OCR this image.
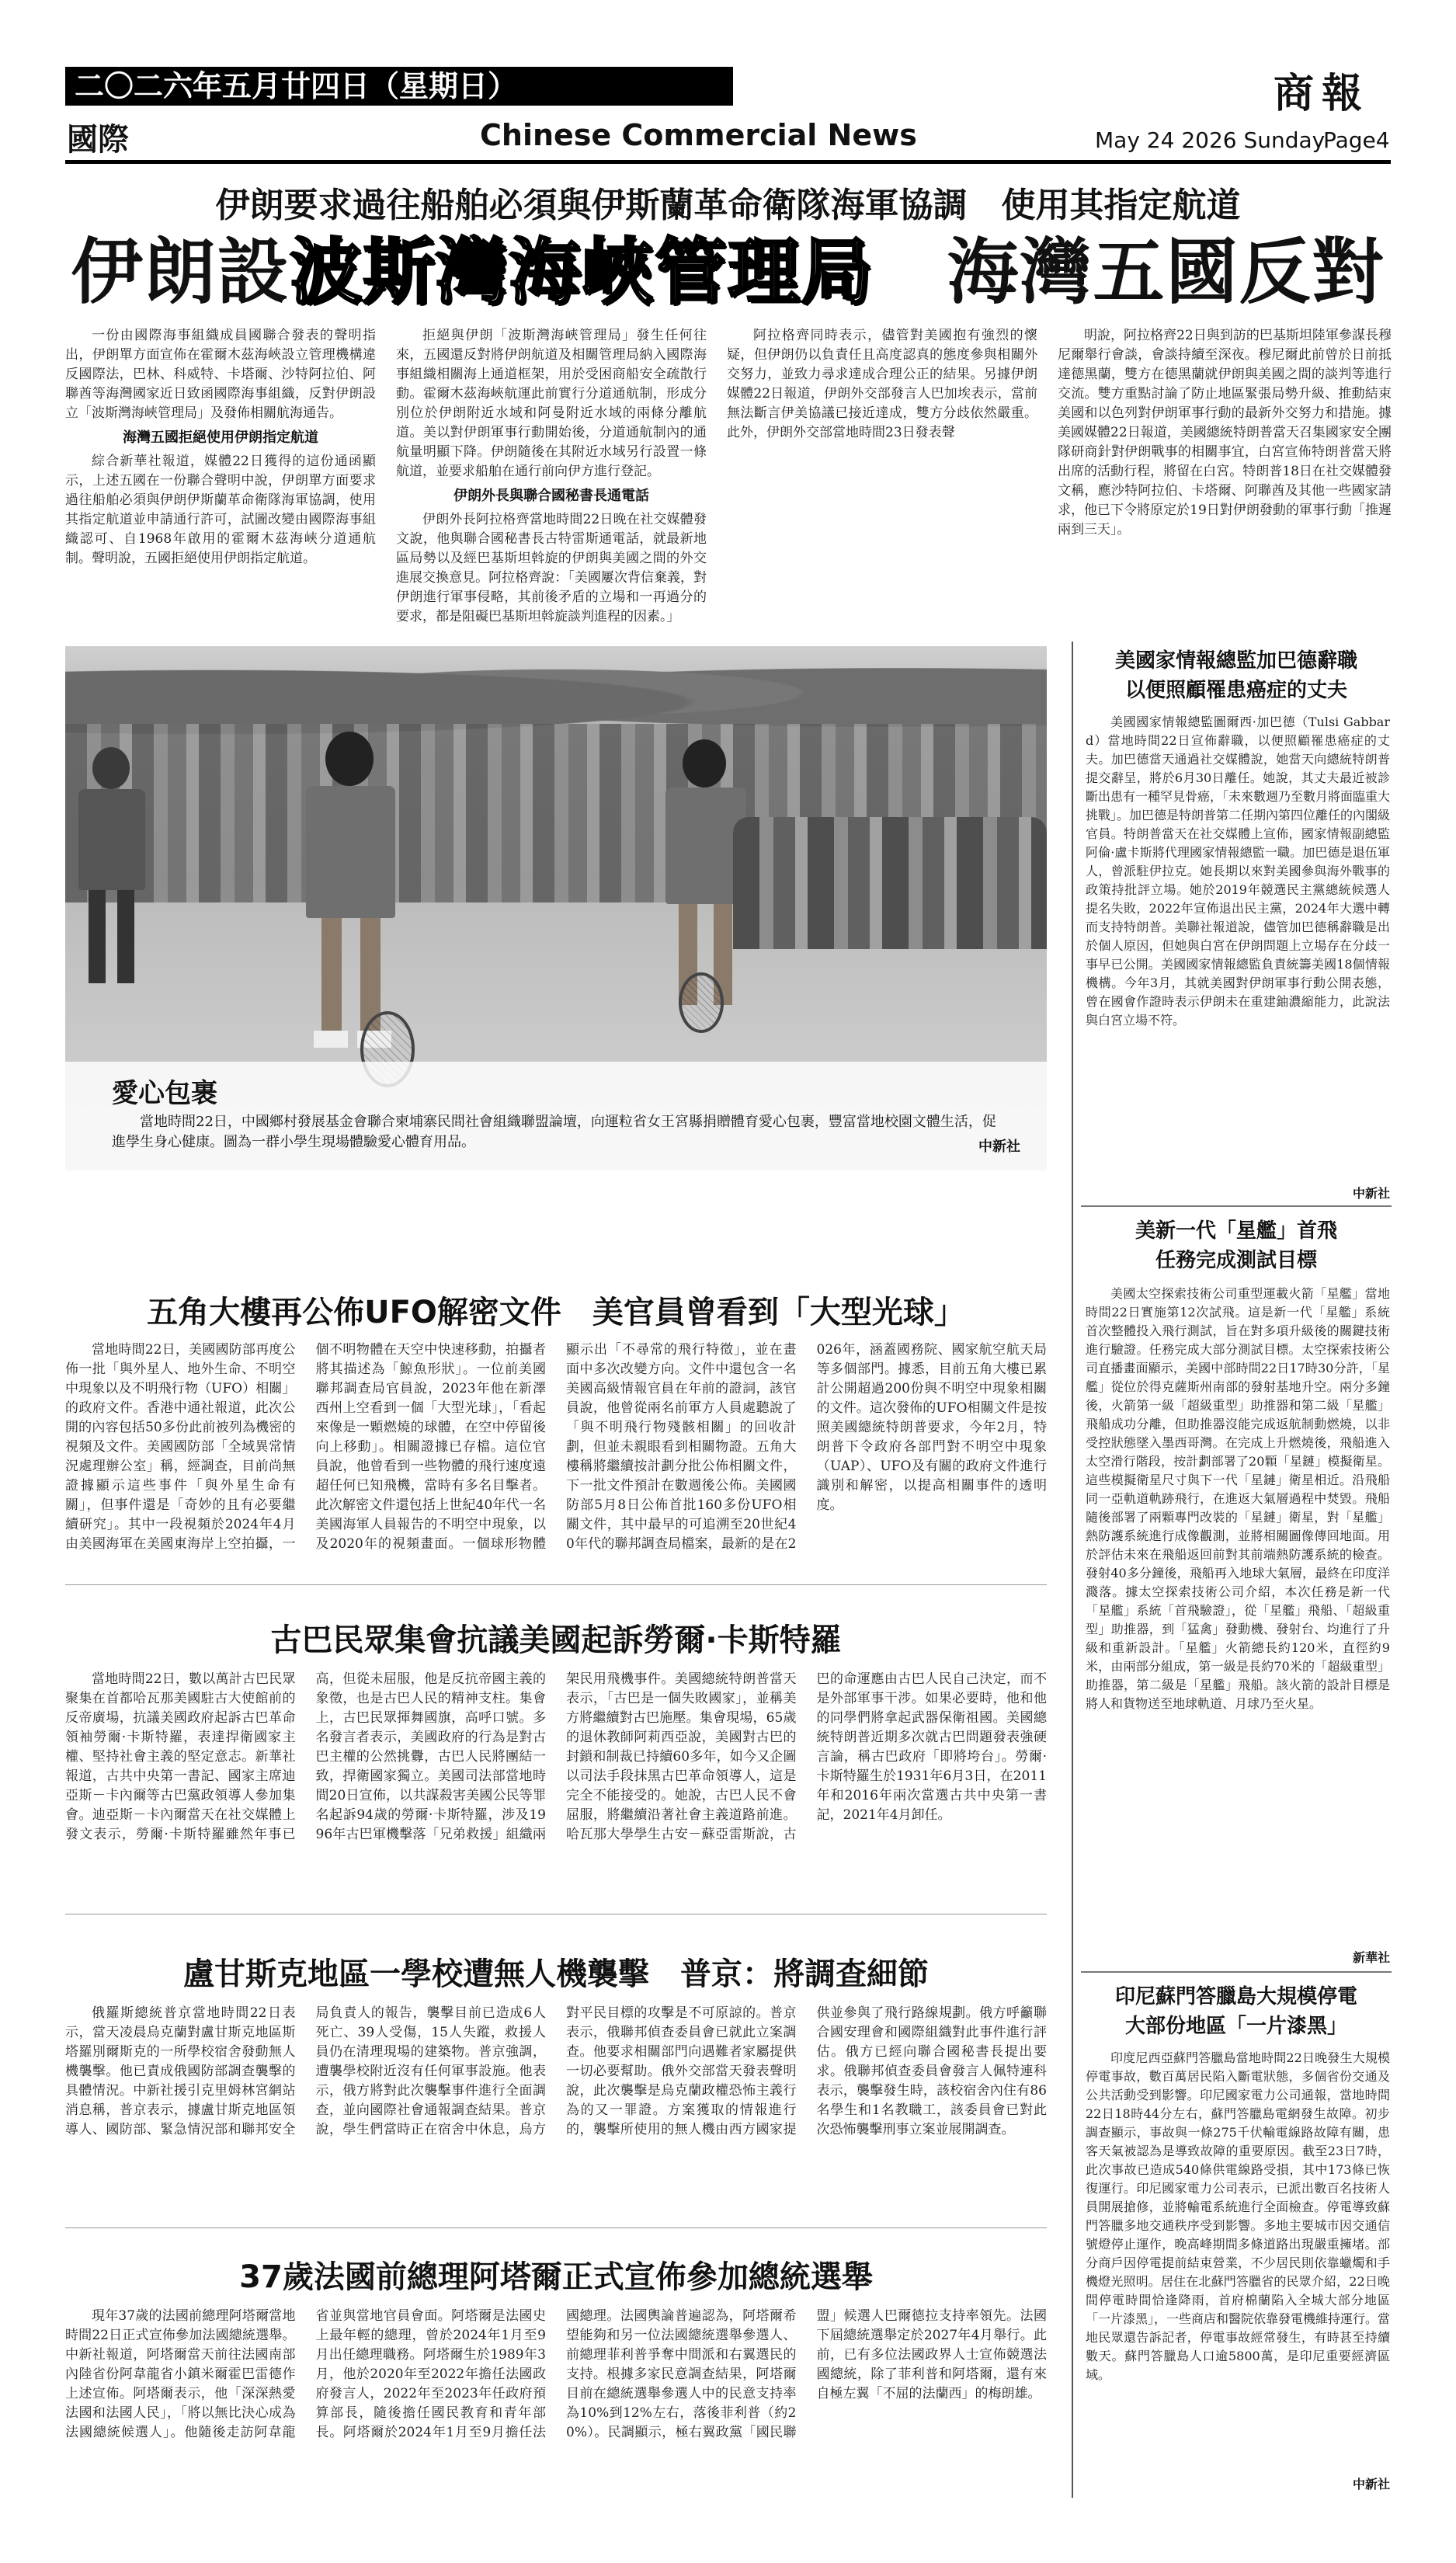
二〇二六年五月廿四日（星期日）	商報
國際	Chinese Commercial News	May 24 2026 Sunday
Page4
伊朗要求過往船舶必須與伊斯蘭革命衛隊海軍協調　使用其指定航道
伊朗設波斯灣海峽管理局　 海灣五國反對

一份由國際海事組織成員國聯合發表的聲明指出，伊朗單方面宣佈在霍爾木茲海峽設立管理機構違反國際法，巴林、科威特、卡塔爾、沙特阿拉伯、阿聯酋等海灣國家近日致函國際海事組織，反對伊朗設立「波斯灣海峽管理局」及發佈相關航海通告。

海灣五國拒絕使用伊朗指定航道

綜合新華社報道，媒體22日獲得的這份通函顯示，上述五國在一份聯合聲明中說，伊朗單方面要求過往船舶必須與伊朗伊斯蘭革命衛隊海軍協調，使用其指定航道並申請通行許可，試圖改變由國際海事組織認可、自1968年啟用的霍爾木茲海峽分道通航制。聲明說，五國拒絕使用伊朗指定航道。

拒絕與伊朗「波斯灣海峽管理局」發生任何往來，五國還反對將伊朗航道及相關管理局納入國際海事組織相關海上通道框架，用於受困商船安全疏散行動。霍爾木茲海峽航運此前實行分道通航制，形成分別位於伊朗附近水域和阿曼附近水域的兩條分離航道。美以對伊朗軍事行動開始後，分道通航制內的通航量明顯下降。伊朗隨後在其附近水域另行設置一條航道，並要求船舶在通行前向伊方進行登記。

伊朗外長與聯合國秘書長通電話

伊朗外長阿拉格齊當地時間22日晚在社交媒體發文說，他與聯合國秘書長古特雷斯通電話，就最新地區局勢以及經巴基斯坦斡旋的伊朗與美國之間的外交進展交換意見。阿拉格齊說：「美國屢次背信棄義，對伊朗進行軍事侵略，其前後矛盾的立場和一再過分的要求，都是阻礙巴基斯坦斡旋談判進程的因素。」

阿拉格齊同時表示，儘管對美國抱有強烈的懷疑，但伊朗仍以負責任且高度認真的態度參與相關外交努力，並致力尋求達成合理公正的結果。另據伊朗媒體22日報道，伊朗外交部發言人巴加埃表示，當前無法斷言伊美協議已接近達成，雙方分歧依然嚴重。此外，伊朗外交部當地時間23日發表聲

明說，阿拉格齊22日與到訪的巴基斯坦陸軍參謀長穆尼爾舉行會談，會談持續至深夜。穆尼爾此前曾於日前抵達德黑蘭，雙方在德黑蘭就伊朗與美國之間的談判等進行交流。雙方重點討論了防止地區緊張局勢升級、推動結束美國和以色列對伊朗軍事行動的最新外交努力和措施。據美國媒體22日報道，美國總統特朗普當天召集國家安全團隊研商針對伊朗戰事的相關事宜，白宮宣佈特朗普當天將出席的活動行程，將留在白宮。特朗普18日在社交媒體發文稱，應沙特阿拉伯、卡塔爾、阿聯酋及其他一些國家請求，他已下令將原定於19日對伊朗發動的軍事行動「推遲兩到三天」。

愛心包裹
當地時間22日，中國鄉村發展基金會聯合柬埔寨民間社會組織聯盟論壇，向運粒省女王宮縣捐贈體育愛心包裹，豐富當地校園文體生活，促進學生身心健康。圖為一群小學生現場體驗愛心體育用品。	中新社
美國家情報總監加巴德辭職
以便照顧罹患癌症的丈夫

美國國家情報總監圖爾西·加巴德（Tulsi Gabbard）當地時間22日宣佈辭職，以便照顧罹患癌症的丈夫。加巴德當天通過社交媒體說，她當天向總統特朗普提交辭呈，將於6月30日離任。她說，其丈夫最近被診斷出患有一種罕見骨癌，「未來數週乃至數月將面臨重大挑戰」。加巴德是特朗普第二任期內第四位離任的內閣級官員。特朗普當天在社交媒體上宣佈，國家情報副總監阿倫·盧卡斯將代理國家情報總監一職。加巴德是退伍軍人，曾派駐伊拉克。她長期以來對美國參與海外戰事的政策持批評立場。她於2019年競選民主黨總統候選人提名失敗，2022年宣佈退出民主黨，2024年大選中轉而支持特朗普。美聯社報道說，儘管加巴德稱辭職是出於個人原因，但她與白宮在伊朗問題上立場存在分歧一事早已公開。美國國家情報總監負責統籌美國18個情報機構。今年3月，其就美國對伊朗軍事行動公開表態，曾在國會作證時表示伊朗未在重建鈾濃縮能力，此說法與白宮立場不符。

中新社
美新一代「星艦」首飛
任務完成測試目標

美國太空探索技術公司重型運載火箭「星艦」當地時間22日實施第12次試飛。這是新一代「星艦」系統首次整體投入飛行測試，旨在對多項升級後的關鍵技術進行驗證。任務完成大部分測試目標。太空探索技術公司直播畫面顯示，美國中部時間22日17時30分許，「星艦」從位於得克薩斯州南部的發射基地升空。兩分多鐘後，火箭第一級「超級重型」助推器和第二級「星艦」飛船成功分離，但助推器沒能完成返航制動燃燒，以非受控狀態墜入墨西哥灣。在完成上升燃燒後，飛船進入太空滑行階段，按計劃部署了20顆「星鏈」模擬衛星。這些模擬衛星尺寸與下一代「星鏈」衛星相近。沿飛船同一亞軌道軌跡飛行，在進返大氣層過程中焚毀。飛船隨後部署了兩顆專門改裝的「星鏈」衛星，對「星艦」熱防護系統進行成像觀測，並將相關圖像傳回地面。用於評估未來在飛船返回前對其前端熱防護系統的檢查。發射40多分鐘後，飛船再入地球大氣層，最終在印度洋濺落。據太空探索技術公司介紹，本次任務是新一代「星艦」系統「首飛驗證」，從「星艦」飛船、「超級重型」助推器，到「猛禽」發動機、發射台、均進行了升級和重新設計。「星艦」火箭總長約120米，直徑約9米，由兩部分組成，第一級是長約70米的「超級重型」助推器，第二級是「星艦」飛船。該火箭的設計目標是將人和貨物送至地球軌道、月球乃至火星。

新華社
印尼蘇門答臘島大規模停電
大部份地區「一片漆黑」

印度尼西亞蘇門答臘島當地時間22日晚發生大規模停電事故，數百萬居民陷入斷電狀態，多個省份交通及公共活動受到影響。印尼國家電力公司通報，當地時間22日18時44分左右，蘇門答臘島電網發生故障。初步調查顯示，事故與一條275千伏輸電線路故障有關，患客天氣被認為是導致故障的重要原因。截至23日7時，此次事故已造成540條供電線路受損，其中173條已恢復運行。印尼國家電力公司表示，已派出數百名技術人員開展搶修，並將輸電系統進行全面檢查。停電導致蘇門答臘多地交通秩序受到影響。多地主要城市因交通信號燈停止運作，晚高峰期間多條道路出現嚴重擁堵。部分商戶因停電提前結束營業，不少居民則依靠蠟燭和手機燈光照明。居住在北蘇門答臘省的民眾介紹，22日晚間停電時間恰逢降雨，首府棉蘭陷入全城大部分地區「一片漆黑」，一些商店和醫院依靠發電機維持運行。當地民眾還告訴記者，停電事故經常發生，有時甚至持續數天。蘇門答臘島人口逾5800萬，是印尼重要經濟區域。

中新社
五角大樓再公佈UFO解密文件　美官員曾看到「大型光球」

當地時間22日，美國國防部再度公佈一批「與外星人、地外生命、不明空中現象以及不明飛行物（UFO）相關」的政府文件。香港中通社報道，此次公開的內容包括50多份此前被列為機密的視頻及文件。美國國防部「全域異常情況處理辦公室」稱，經調查，目前尚無證據顯示這些事件「與外星生命有關」，但事件還是「奇妙的且有必要繼續研究」。其中一段視頻於2024年4月由美國海軍在美國東海岸上空拍攝，一個不明物體在天空中快速移動，拍攝者將其描述為「鯨魚形狀」。一位前美國聯邦調查局官員說，2023年他在新澤西州上空看到一個「大型光球」，「看起來像是一顆燃燒的球體，在空中停留後向上移動」。相關證據已存檔。這位官員說，他曾看到一些物體的飛行速度遠超任何已知飛機，當時有多名目擊者。此次解密文件還包括上世紀40年代一名美國海軍人員報告的不明空中現象，以及2020年的視頻畫面。一個球形物體顯示出「不尋常的飛行特徵」，並在畫面中多次改變方向。文件中還包含一名美國高級情報官員在年前的證詞，該官員說，他曾從兩名前軍方人員處聽說了「與不明飛行物殘骸相關」的回收計劃，但並未親眼看到相關物證。五角大樓稱將繼續按計劃分批公佈相關文件，下一批文件預計在數週後公佈。美國國防部5月8日公佈首批160多份UFO相關文件，其中最早的可追溯至20世紀40年代的聯邦調查局檔案，最新的是在2026年，涵蓋國務院、國家航空航天局等多個部門。據悉，目前五角大樓已累計公開超過200份與不明空中現象相關的文件。這次發佈的UFO相關文件是按照美國總統特朗普要求，今年2月，特朗普下令政府各部門對不明空中現象（UAP）、UFO及有關的政府文件進行識別和解密，以提高相關事件的透明度。

古巴民眾集會抗議美國起訴勞爾·卡斯特羅

當地時間22日，數以萬計古巴民眾聚集在首都哈瓦那美國駐古大使館前的反帝廣場，抗議美國政府起訴古巴革命領袖勞爾·卡斯特羅，表達捍衛國家主權、堅持社會主義的堅定意志。新華社報道，古共中央第一書記、國家主席迪亞斯－卡內爾等古巴黨政領導人參加集會。迪亞斯－卡內爾當天在社交媒體上發文表示，勞爾·卡斯特羅雖然年事已高，但從未屈服，他是反抗帝國主義的象徵，也是古巴人民的精神支柱。集會上，古巴民眾揮舞國旗，高呼口號。多名發言者表示，美國政府的行為是對古巴主權的公然挑釁，古巴人民將團結一致，捍衛國家獨立。美國司法部當地時間20日宣佈，以共謀殺害美國公民等罪名起訴94歲的勞爾·卡斯特羅，涉及1996年古巴軍機擊落「兄弟救援」組織兩架民用飛機事件。美國總統特朗普當天表示，「古巴是一個失敗國家」，並稱美方將繼續對古巴施壓。集會現場，65歲的退休教師阿莉西亞說，美國對古巴的封鎖和制裁已持續60多年，如今又企圖以司法手段抹黑古巴革命領導人，這是完全不能接受的。她說，古巴人民不會屈服，將繼續沿著社會主義道路前進。哈瓦那大學學生古安－蘇亞雷斯說，古巴的命運應由古巴人民自己決定，而不是外部軍事干涉。如果必要時，他和他的同學們將拿起武器保衛祖國。美國總統特朗普近期多次就古巴問題發表強硬言論，稱古巴政府「即將垮台」。勞爾·卡斯特羅生於1931年6月3日，在2011年和2016年兩次當選古共中央第一書記，2021年4月卸任。

盧甘斯克地區一學校遭無人機襲擊　普京：將調查細節

俄羅斯總統普京當地時間22日表示，當天凌晨烏克蘭對盧甘斯克地區斯塔羅別爾斯克的一所學校宿舍發動無人機襲擊。他已責成俄國防部調查襲擊的具體情況。中新社援引克里姆林宮網站消息稱，普京表示，據盧甘斯克地區領導人、國防部、緊急情況部和聯邦安全局負責人的報告，襲擊目前已造成6人死亡、39人受傷，15人失蹤，救援人員仍在清理現場的建築物。普京強調，遭襲學校附近沒有任何軍事設施。他表示，俄方將對此次襲擊事件進行全面調查，並向國際社會通報調查結果。普京說，學生們當時正在宿舍中休息，烏方對平民目標的攻擊是不可原諒的。普京表示，俄聯邦偵查委員會已就此立案調查。他要求相關部門向遇難者家屬提供一切必要幫助。俄外交部當天發表聲明說，此次襲擊是烏克蘭政權恐怖主義行為的又一罪證。方案獲取的情報進行的，襲擊所使用的無人機由西方國家提供並參與了飛行路線規劃。俄方呼籲聯合國安理會和國際組織對此事件進行評估。俄方已經向聯合國秘書長提出要求。俄聯邦偵查委員會發言人佩特連科表示，襲擊發生時，該校宿舍內住有86名學生和1名教職工，該委員會已對此次恐怖襲擊刑事立案並展開調查。

37歲法國前總理阿塔爾正式宣佈參加總統選舉

現年37歲的法國前總理阿塔爾當地時間22日正式宣佈參加法國總統選舉。中新社報道，阿塔爾當天前往法國南部內陸省份阿韋龍省小鎮米爾霍巴雷德作上述宣佈。阿塔爾表示，他「深深熱愛法國和法國人民」，「將以無比決心成為法國總統候選人」。他隨後走訪阿韋龍省並與當地官員會面。阿塔爾是法國史上最年輕的總理，曾於2024年1月至9月出任總理職務。阿塔爾生於1989年3月，他於2020年至2022年擔任法國政府發言人，2022年至2023年任政府預算部長，隨後擔任國民教育和青年部長。阿塔爾於2024年1月至9月擔任法國總理。法國輿論普遍認為，阿塔爾希望能夠和另一位法國總統選舉參選人、前總理菲利普爭奪中間派和右翼選民的支持。根據多家民意調查結果，阿塔爾目前在總統選舉參選人中的民意支持率為10%到12%左右，落後菲利普（約20%）。民調顯示，極右翼政黨「國民聯盟」候選人巴爾德拉支持率領先。法國下屆總統選舉定於2027年4月舉行。此前，已有多位法國政界人士宣佈競選法國總統，除了菲利普和阿塔爾，還有來自極左翼「不屈的法蘭西」的梅朗雄。
